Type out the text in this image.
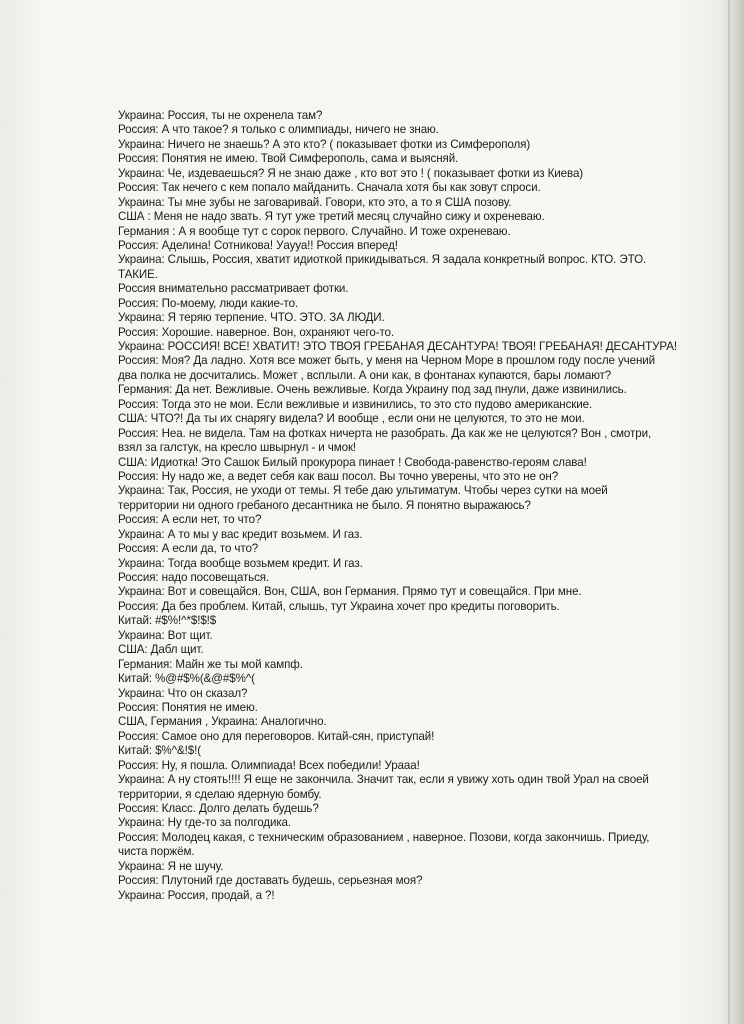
Украина: Россия, ты не охренела там?
Россия: А что такое? я только с олимпиады, ничего не знаю.
Украина: Ничего не знаешь? А это кто? ( показывает фотки из Симферополя)
Россия: Понятия не имею. Твой Симферополь, сама и выясняй.
Украина: Че, издеваешься? Я не знаю даже , кто вот это ! ( показывает фотки из Киева)
Россия: Так нечего с кем попало майданить. Сначала хотя бы как зовут спроси.
Украина: Ты мне зубы не заговаривай. Говори, кто это, а то я США позову.
США : Меня не надо звать. Я тут уже третий месяц случайно сижу и охреневаю.
Германия : А я вообще тут с сорок первого. Случайно. И тоже охреневаю.
Россия: Аделина! Сотникова! Уаууа!! Россия вперед!
Украина: Слышь, Россия, хватит идиоткой прикидываться. Я задала конкретный вопрос. КТО. ЭТО.
ТАКИЕ.
Россия внимательно рассматривает фотки.
Россия: По-моему, люди какие-то.
Украина: Я теряю терпение. ЧТО. ЭТО. ЗА ЛЮДИ.
Россия: Хорошие. наверное. Вон, охраняют чего-то.
Украина: РОССИЯ! ВСЕ! ХВАТИТ! ЭТО ТВОЯ ГРЕБАНАЯ ДЕСАНТУРА! ТВОЯ! ГРЕБАНАЯ! ДЕСАНТУРА!
Россия: Моя? Да ладно. Хотя все может быть, у меня на Черном Море в прошлом году после учений
два полка не досчитались. Может , всплыли. А они как, в фонтанах купаются, бары ломают?
Германия: Да нет. Вежливые. Очень вежливые. Когда Украину под зад пнули, даже извинились.
Россия: Тогда это не мои. Если вежливые и извинились, то это сто пудово американские.
США: ЧТО?! Да ты их снарягу видела? И вообще , если они не целуются, то это не мои.
Россия: Неа. не видела. Там на фотках ничерта не разобрать. Да как же не целуются? Вон , смотри,
взял за галстук, на кресло швырнул - и чмок!
США: Идиотка! Это Сашок Билый прокурора пинает ! Свобода-равенство-героям слава!
Россия: Ну надо же, а ведет себя как ваш посол. Вы точно уверены, что это не он?
Украина: Так, Россия, не уходи от темы. Я тебе даю ультиматум. Чтобы через сутки на моей
территории ни одного гребаного десантника не было. Я понятно выражаюсь?
Россия: А если нет, то что?
Украина: А то мы у вас кредит возьмем. И газ.
Россия: А если да, то что?
Украина: Тогда вообще возьмем кредит. И газ.
Россия: надо посовещаться.
Украина: Вот и совещайся. Вон, США, вон Германия. Прямо тут и совещайся. При мне.
Россия: Да без проблем. Китай, слышь, тут Украина хочет про кредиты поговорить.
Китай: #$%!^*$!$!$
Украина: Вот щит.
США: Дабл щит.
Германия: Майн же ты мой кампф.
Китай: %@#$%(&@#$%^(
Украина: Что он сказал?
Россия: Понятия не имею.
США, Германия , Украина: Аналогично.
Россия: Самое оно для переговоров. Китай-сян, приступай!
Китай: $%^&!$!(
Россия: Ну, я пошла. Олимпиада! Всех победили! Урааа!
Украина: А ну стоять!!!! Я еще не закончила. Значит так, если я увижу хоть один твой Урал на своей
территории, я сделаю ядерную бомбу.
Россия: Класс. Долго делать будешь?
Украина: Ну где-то за полгодика.
Россия: Молодец какая, с техническим образованием , наверное. Позови, когда закончишь. Приеду,
чиста поржём.
Украина: Я не шучу.
Россия: Плутоний где доставать будешь, серьезная моя?
Украина: Россия, продай, а ?!
